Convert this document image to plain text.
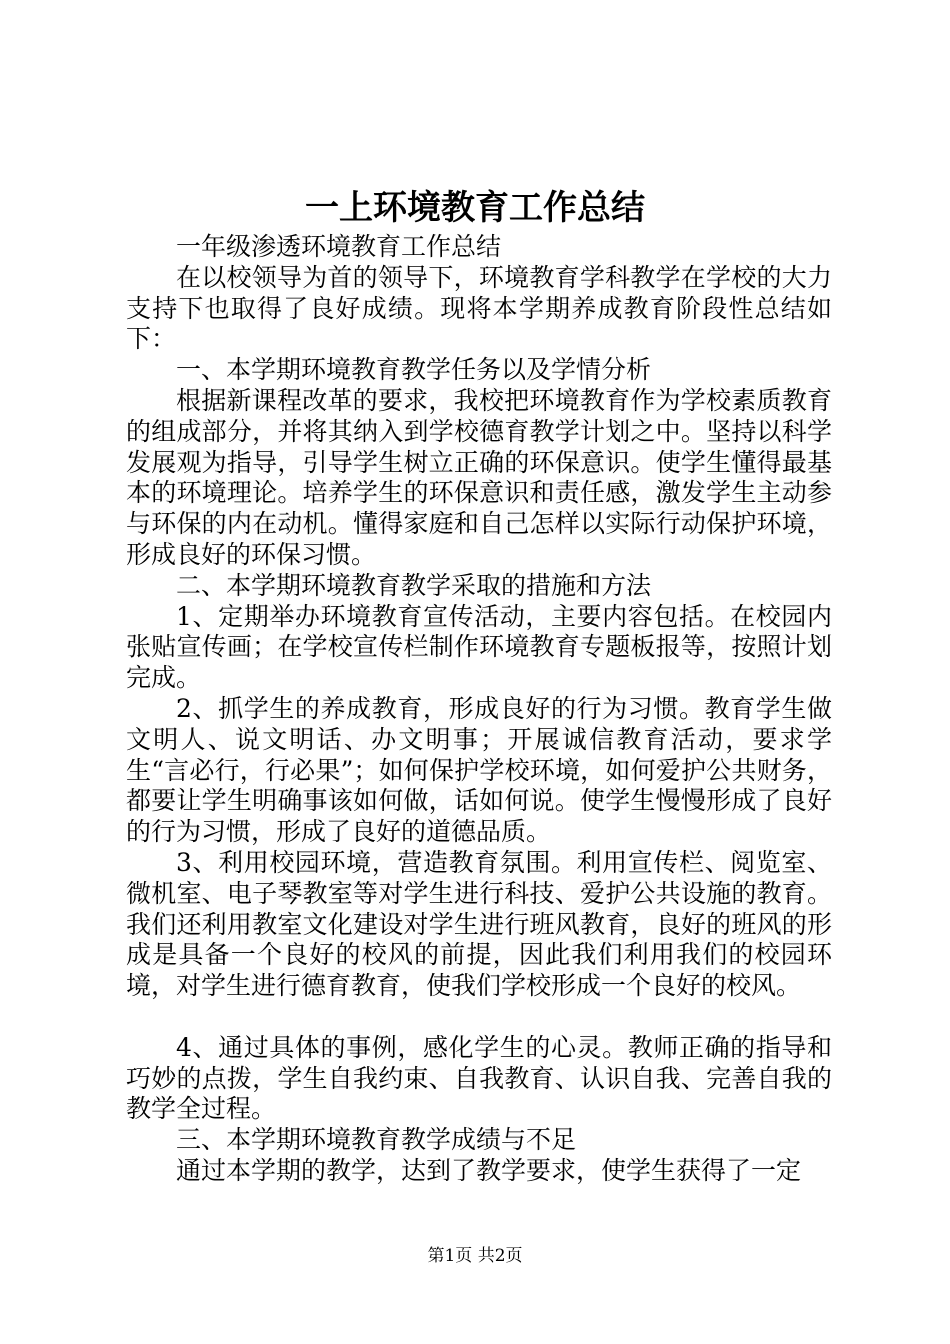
一上环境教育工作总结

一年级渗透环境教育工作总结

在以校领导为首的领导下，环境教育学科教学在学校的大力支持下也取得了良好成绩。现将本学期养成教育阶段性总结如下：

一、本学期环境教育教学任务以及学情分析

根据新课程改革的要求，我校把环境教育作为学校素质教育的组成部分，并将其纳入到学校德育教学计划之中。坚持以科学发展观为指导，引导学生树立正确的环保意识。使学生懂得最基本的环境理论。培养学生的环保意识和责任感，激发学生主动参与环保的内在动机。懂得家庭和自己怎样以实际行动保护环境，形成良好的环保习惯。

二、本学期环境教育教学采取的措施和方法

1、定期举办环境教育宣传活动，主要内容包括。在校园内张贴宣传画；在学校宣传栏制作环境教育专题板报等，按照计划完成。

2、抓学生的养成教育，形成良好的行为习惯。教育学生做文明人、说文明话、办文明事；开展诚信教育活动，要求学生“言必行，行必果”；如何保护学校环境，如何爱护公共财务，都要让学生明确事该如何做，话如何说。使学生慢慢形成了良好的行为习惯，形成了良好的道德品质。

3、利用校园环境，营造教育氛围。利用宣传栏、阅览室、微机室、电子琴教室等对学生进行科技、爱护公共设施的教育。我们还利用教室文化建设对学生进行班风教育，良好的班风的形成是具备一个良好的校风的前提，因此我们利用我们的校园环境，对学生进行德育教育，使我们学校形成一个良好的校风。

4、通过具体的事例，感化学生的心灵。教师正确的指导和巧妙的点拨，学生自我约束、自我教育、认识自我、完善自我的教学全过程。

三、本学期环境教育教学成绩与不足

通过本学期的教学，达到了教学要求，使学生获得了一定

第1页 共2页
